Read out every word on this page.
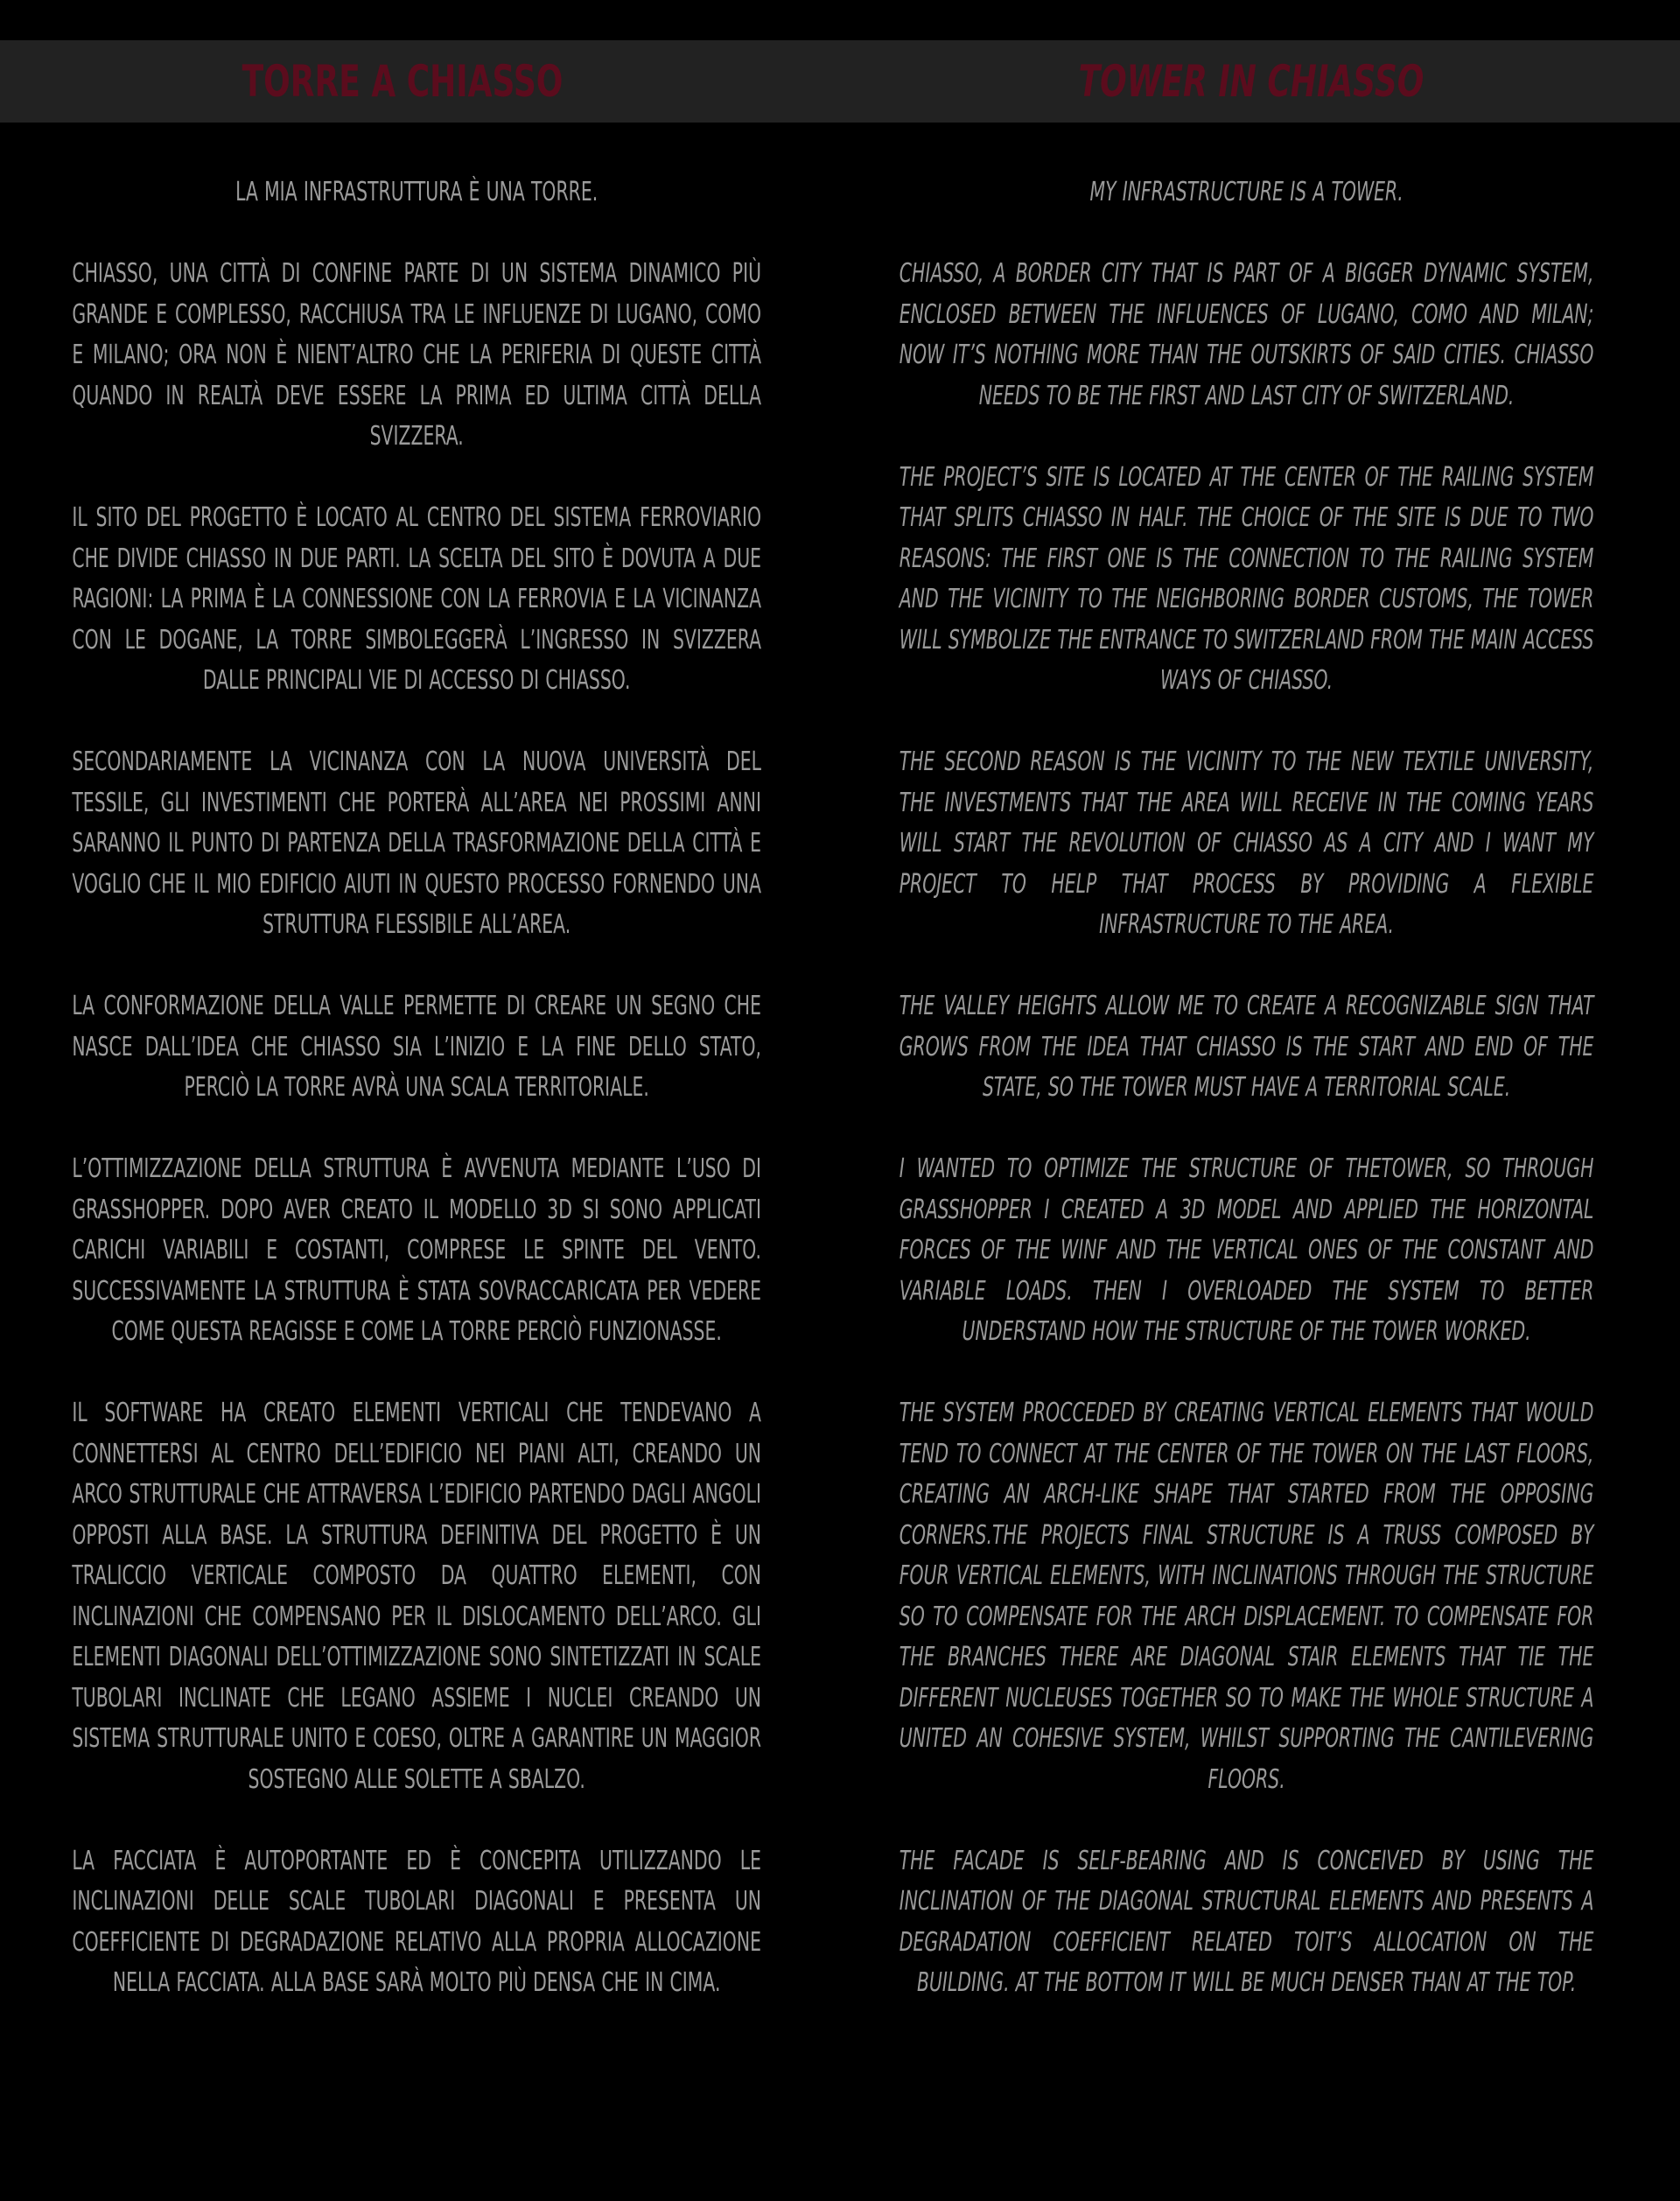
TORRE A CHIASSO	TOWER IN CHIASSO

LA MIA INFRASTRUTTURA È UNA TORRE.

CHIASSO, UNA CITTÀ DI CONFINE PARTE DI UN SISTEMA DINAMICO PIÙ GRANDE E COMPLESSO, RACCHIUSA TRA LE INFLUENZE DI LUGANO, COMO E MILANO; ORA NON È NIENT’ALTRO CHE LA PERIFERIA DI QUESTE CITTÀ QUANDO IN REALTÀ DEVE ESSERE LA PRIMA ED ULTIMA CITTÀ DELLA SVIZZERA.

IL SITO DEL PROGETTO È LOCATO AL CENTRO DEL SISTEMA FERROVIARIO CHE DIVIDE CHIASSO IN DUE PARTI. LA SCELTA DEL SITO È DOVUTA A DUE RAGIONI: LA PRIMA È LA CONNESSIONE CON LA FERROVIA E LA VICINANZA CON LE DOGANE, LA TORRE SIMBOLEGGERÀ L’INGRESSO IN SVIZZERA DALLE PRINCIPALI VIE DI ACCESSO DI CHIASSO.

SECONDARIAMENTE LA VICINANZA CON LA NUOVA UNIVERSITÀ DEL TESSILE, GLI INVESTIMENTI CHE PORTERÀ ALL’AREA NEI PROSSIMI ANNI SARANNO IL PUNTO DI PARTENZA DELLA TRASFORMAZIONE DELLA CITTÀ E VOGLIO CHE IL MIO EDIFICIO AIUTI IN QUESTO PROCESSO FORNENDO UNA STRUTTURA FLESSIBILE ALL’AREA.

LA CONFORMAZIONE DELLA VALLE PERMETTE DI CREARE UN SEGNO CHE NASCE DALL’IDEA CHE CHIASSO SIA L’INIZIO E LA FINE DELLO STATO, PERCIÒ LA TORRE AVRÀ UNA SCALA TERRITORIALE.

L’OTTIMIZZAZIONE DELLA STRUTTURA È AVVENUTA MEDIANTE L’USO DI GRASSHOPPER. DOPO AVER CREATO IL MODELLO 3D SI SONO APPLICATI CARICHI VARIABILI E COSTANTI, COMPRESE LE SPINTE DEL VENTO. SUCCESSIVAMENTE LA STRUTTURA È STATA SOVRACCARICATA PER VEDERE COME QUESTA REAGISSE E COME LA TORRE PERCIÒ FUNZIONASSE.

IL SOFTWARE HA CREATO ELEMENTI VERTICALI CHE TENDEVANO A CONNETTERSI AL CENTRO DELL’EDIFICIO NEI PIANI ALTI, CREANDO UN ARCO STRUTTURALE CHE ATTRAVERSA L’EDIFICIO PARTENDO DAGLI ANGOLI OPPOSTI ALLA BASE. LA STRUTTURA DEFINITIVA DEL PROGETTO È UN TRALICCIO VERTICALE COMPOSTO DA QUATTRO ELEMENTI, CON INCLINAZIONI CHE COMPENSANO PER IL DISLOCAMENTO DELL’ARCO. GLI ELEMENTI DIAGONALI DELL’OTTIMIZZAZIONE SONO SINTETIZZATI IN SCALE TUBOLARI INCLINATE CHE LEGANO ASSIEME I NUCLEI CREANDO UN SISTEMA STRUTTURALE UNITO E COESO, OLTRE A GARANTIRE UN MAGGIOR SOSTEGNO ALLE SOLETTE A SBALZO.

LA FACCIATA È AUTOPORTANTE ED È CONCEPITA UTILIZZANDO LE INCLINAZIONI DELLE SCALE TUBOLARI DIAGONALI E PRESENTA UN COEFFICIENTE DI DEGRADAZIONE RELATIVO ALLA PROPRIA ALLOCAZIONE NELLA FACCIATA. ALLA BASE SARÀ MOLTO PIÙ DENSA CHE IN CIMA.

MY INFRASTRUCTURE IS A TOWER.

CHIASSO, A BORDER CITY THAT IS PART OF A BIGGER DYNAMIC SYSTEM, ENCLOSED BETWEEN THE INFLUENCES OF LUGANO, COMO AND MILAN; NOW IT’S NOTHING MORE THAN THE OUTSKIRTS OF SAID CITIES. CHIASSO NEEDS TO BE THE FIRST AND LAST CITY OF SWITZERLAND.

THE PROJECT’S SITE IS LOCATED AT THE CENTER OF THE RAILING SYSTEM THAT SPLITS CHIASSO IN HALF. THE CHOICE OF THE SITE IS DUE TO TWO REASONS: THE FIRST ONE IS THE CONNECTION TO THE RAILING SYSTEM AND THE VICINITY TO THE NEIGHBORING BORDER CUSTOMS, THE TOWER WILL SYMBOLIZE THE ENTRANCE TO SWITZERLAND FROM THE MAIN ACCESS WAYS OF CHIASSO.

THE SECOND REASON IS THE VICINITY TO THE NEW TEXTILE UNIVERSITY, THE INVESTMENTS THAT THE AREA WILL RECEIVE IN THE COMING YEARS WILL START THE REVOLUTION OF CHIASSO AS A CITY AND I WANT MY PROJECT TO HELP THAT PROCESS BY PROVIDING A FLEXIBLE INFRASTRUCTURE TO THE AREA.

THE VALLEY HEIGHTS ALLOW ME TO CREATE A RECOGNIZABLE SIGN THAT GROWS FROM THE IDEA THAT CHIASSO IS THE START AND END OF THE STATE, SO THE TOWER MUST HAVE A TERRITORIAL SCALE.

I WANTED TO OPTIMIZE THE STRUCTURE OF THETOWER, SO THROUGH GRASSHOPPER I CREATED A 3D MODEL AND APPLIED THE HORIZONTAL FORCES OF THE WINF AND THE VERTICAL ONES OF THE CONSTANT AND VARIABLE LOADS. THEN I OVERLOADED THE SYSTEM TO BETTER UNDERSTAND HOW THE STRUCTURE OF THE TOWER WORKED.

THE SYSTEM PROCCEDED BY CREATING VERTICAL ELEMENTS THAT WOULD TEND TO CONNECT AT THE CENTER OF THE TOWER ON THE LAST FLOORS, CREATING AN ARCH-LIKE SHAPE THAT STARTED FROM THE OPPOSING CORNERS.THE PROJECTS FINAL STRUCTURE IS A TRUSS COMPOSED BY FOUR VERTICAL ELEMENTS, WITH INCLINATIONS THROUGH THE STRUCTURE SO TO COMPENSATE FOR THE ARCH DISPLACEMENT. TO COMPENSATE FOR THE BRANCHES THERE ARE DIAGONAL STAIR ELEMENTS THAT TIE THE DIFFERENT NUCLEUSES TOGETHER SO TO MAKE THE WHOLE STRUCTURE A UNITED AN COHESIVE SYSTEM, WHILST SUPPORTING THE CANTILEVERING FLOORS.

THE FACADE IS SELF-BEARING AND IS CONCEIVED BY USING THE INCLINATION OF THE DIAGONAL STRUCTURAL ELEMENTS AND PRESENTS A DEGRADATION COEFFICIENT RELATED TOIT’S ALLOCATION ON THE BUILDING. AT THE BOTTOM IT WILL BE MUCH DENSER THAN AT THE TOP.
